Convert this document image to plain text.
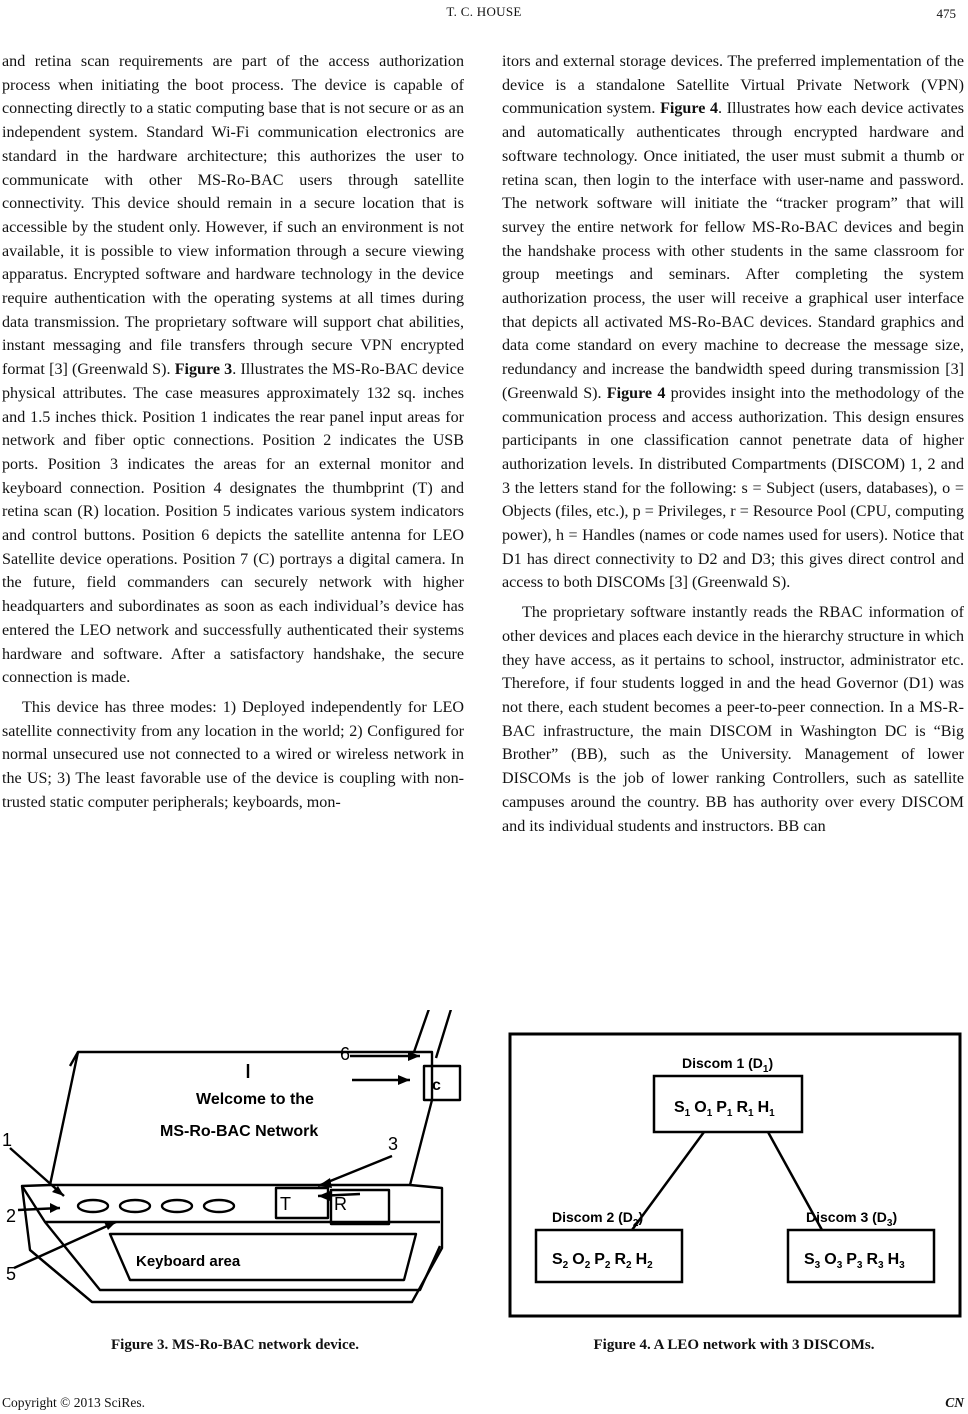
T. C. HOUSE	475

and retina scan requirements are part of the access authorization process when initiating the boot process. The device is capable of connecting directly to a static computing base that is not secure or as an independent system. Standard Wi-Fi communication electronics are standard in the hardware architecture; this authorizes the user to communicate with other MS-Ro-BAC users through satellite connectivity. This device should remain in a secure location that is accessible by the student only. However, if such an environment is not available, it is possible to view information through a secure viewing apparatus. Encrypted software and hardware technology in the device require authentication with the operating systems at all times during data transmission. The proprietary software will support chat abilities, instant messaging and file transfers through secure VPN encrypted format [3] (Greenwald S). Figure 3. Illustrates the MS-Ro-BAC device physical attributes. The case measures approximately 132 sq. inches and 1.5 inches thick. Position 1 indicates the rear panel input areas for network and fiber optic connections. Position 2 indicates the USB ports. Position 3 indicates the areas for an external monitor and keyboard connection. Position 4 designates the thumbprint (T) and retina scan (R) location. Position 5 indicates various system indicators and control buttons. Position 6 depicts the satellite antenna for LEO Satellite device operations. Position 7 (C) portrays a digital camera. In the future, field commanders can securely network with higher headquarters and subordinates as soon as each individual’s device has entered the LEO network and successfully authenticated their systems hardware and software. After a satisfactory handshake, the secure connection is made.

This device has three modes: 1) Deployed independently for LEO satellite connectivity from any location in the world; 2) Configured for normal unsecured use not connected to a wired or wireless network in the US; 3) The least favorable use of the device is coupling with non-trusted static computer peripherals; keyboards, mon-

itors and external storage devices. The preferred implementation of the device is a standalone Satellite Virtual Private Network (VPN) communication system. Figure 4. Illustrates how each device activates and automatically authenticates through encrypted hardware and software technology. Once initiated, the user must submit a thumb or retina scan, then login to the interface with user-name and password. The network software will initiate the “tracker program” that will survey the entire network for fellow MS-Ro-BAC devices and begin the handshake process with other students in the same classroom for group meetings and seminars. After completing the system authorization process, the user will receive a graphical user interface that depicts all activated MS-Ro-BAC devices. Standard graphics and data come standard on every machine to decrease the message size, redundancy and increase the bandwidth speed during transmission [3] (Greenwald S). Figure 4 provides insight into the methodology of the communication process and access authorization. This design ensures participants in one classification cannot penetrate data of higher authorization levels. In distributed Compartments (DISCOM) 1, 2 and 3 the letters stand for the following: s = Subject (users, databases), o = Objects (files, etc.), p = Privileges, r = Resource Pool (CPU, computing power), h = Handles (names or code names used for users). Notice that D1 has direct connectivity to D2 and D3; this gives direct control and access to both DISCOMs [3] (Greenwald S).

The proprietary software instantly reads the RBAC information of other devices and places each device in the hierarchy structure in which they have access, as it pertains to school, instructor, administrator etc. Therefore, if four students logged in and the head Governor (D1) was not there, each student becomes a peer-to-peer connection. In a MS-R-BAC infrastructure, the main DISCOM in Washington DC is “Big Brother” (BB), such as the University. Management of lower DISCOMs is the job of lower ranking Controllers, such as satellite campuses around the country. BB has authority over every DISCOM and its individual students and instructors. BB can

Welcome to the
MS-Ro-BAC Network
Keyboard area
c
T R
1
2
3
5
6
Figure 3. MS-Ro-BAC network device.
Discom 1 $(D_1)$
Discom 2 $(D_2)$	Discom 3 $(D_3)$
$S_1$ $O_1$ $P_1$ $R_1$ $H_1$
$S_2$ $O_2$ $P_2$ $R_2$ $H_2$	$S_3$ $O_3$ $P_3$ $R_3$ $H_3$
Figure 4. A LEO network with 3 DISCOMs.
Copyright © 2013 SciRes.	CN
